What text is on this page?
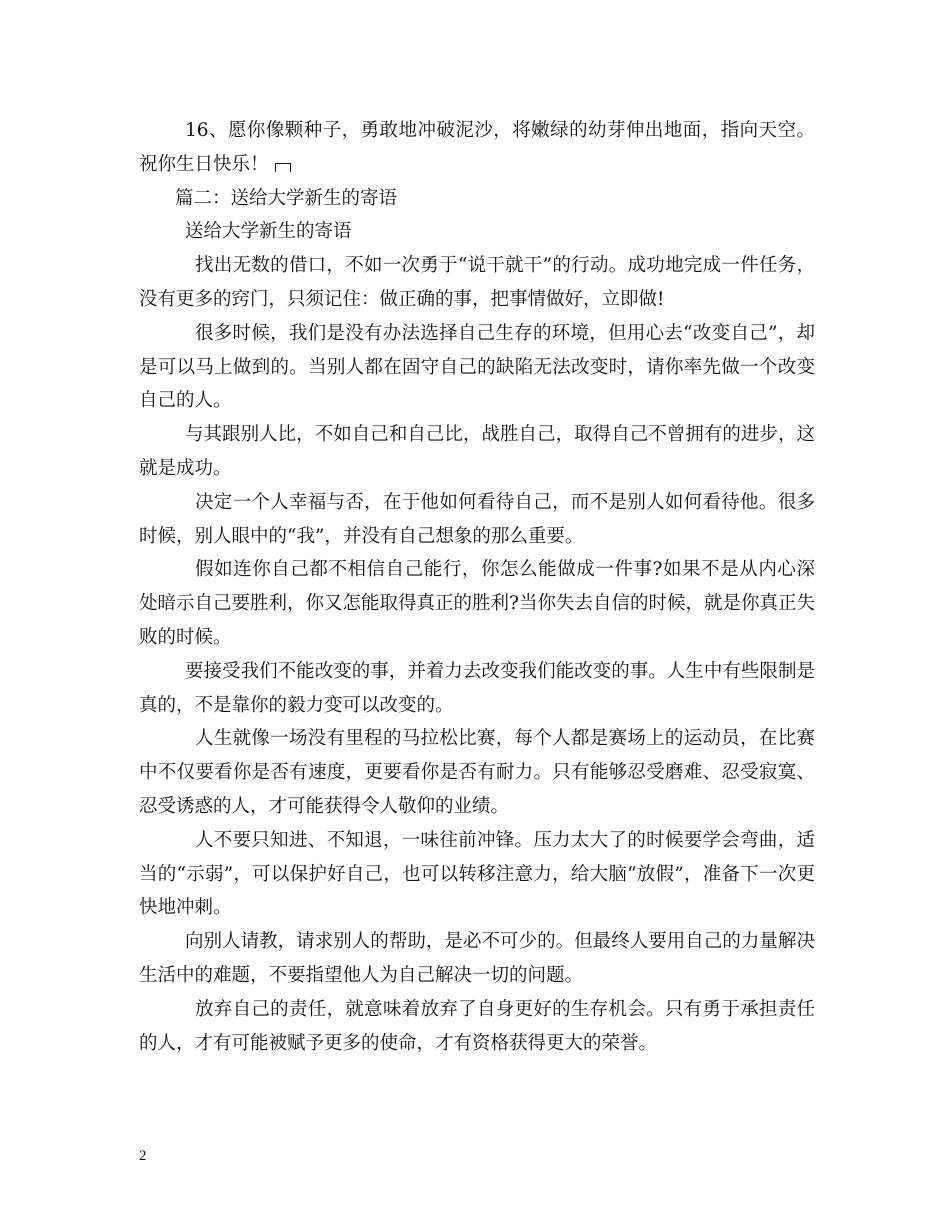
16、愿你像颗种子，勇敢地冲破泥沙，将嫩绿的幼芽伸出地面，指向天空。祝你生日快乐！

篇二：送给大学新生的寄语

送给大学新生的寄语

找出无数的借口，不如一次勇于“说干就干”的行动。成功地完成一件任务，没有更多的窍门，只须记住：做正确的事，把事情做好，立即做!

很多时候，我们是没有办法选择自己生存的环境，但用心去“改变自己”，却是可以马上做到的。当别人都在固守自己的缺陷无法改变时，请你率先做一个改变自己的人。

与其跟别人比，不如自己和自己比，战胜自己，取得自己不曾拥有的进步，这就是成功。

决定一个人幸福与否，在于他如何看待自己，而不是别人如何看待他。很多时候，别人眼中的“我”，并没有自己想象的那么重要。

假如连你自己都不相信自己能行，你怎么能做成一件事?如果不是从内心深处暗示自己要胜利，你又怎能取得真正的胜利?当你失去自信的时候，就是你真正失败的时候。

要接受我们不能改变的事，并着力去改变我们能改变的事。人生中有些限制是真的，不是靠你的毅力变可以改变的。

人生就像一场没有里程的马拉松比赛，每个人都是赛场上的运动员，在比赛中不仅要看你是否有速度，更要看你是否有耐力。只有能够忍受磨难、忍受寂寞、忍受诱惑的人，才可能获得令人敬仰的业绩。

人不要只知进、不知退，一味往前冲锋。压力太大了的时候要学会弯曲，适当的“示弱”，可以保护好自己，也可以转移注意力，给大脑“放假”，准备下一次更快地冲刺。

向别人请教，请求别人的帮助，是必不可少的。但最终人要用自己的力量解决生活中的难题，不要指望他人为自己解决一切的问题。

放弃自己的责任，就意味着放弃了自身更好的生存机会。只有勇于承担责任的人，才有可能被赋予更多的使命，才有资格获得更大的荣誉。

2
